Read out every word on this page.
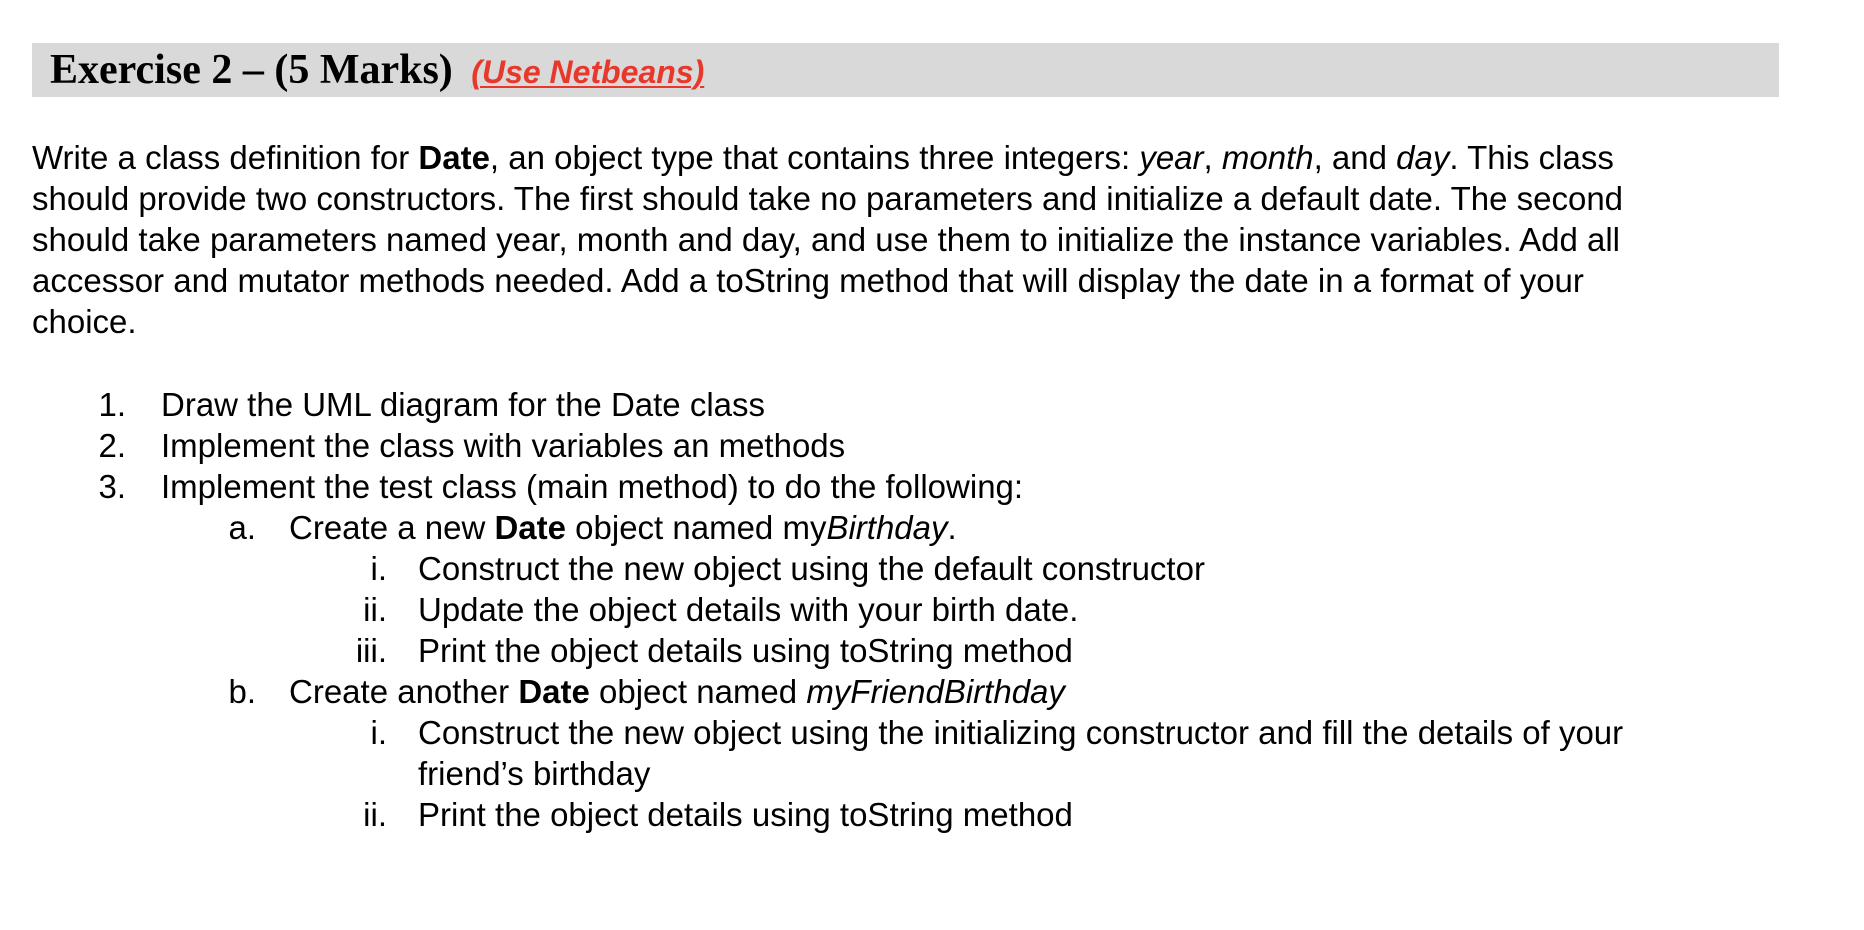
Exercise 2 – (5 Marks) (Use Netbeans)
Write a class definition for Date, an object type that contains three integers: year, month, and day. This class
should provide two constructors. The first should take no parameters and initialize a default date. The second
should take parameters named year, month and day, and use them to initialize the instance variables. Add all
accessor and mutator methods needed. Add a toString method that will display the date in a format of your
choice.
1. Draw the UML diagram for the Date class
2. Implement the class with variables an methods
3. Implement the test class (main method) to do the following:
a. Create a new Date object named myBirthday.
i. Construct the new object using the default constructor
ii. Update the object details with your birth date.
iii. Print the object details using toString method
b. Create another Date object named myFriendBirthday
i. Construct the new object using the initializing constructor and fill the details of your
friend’s birthday
ii. Print the object details using toString method
